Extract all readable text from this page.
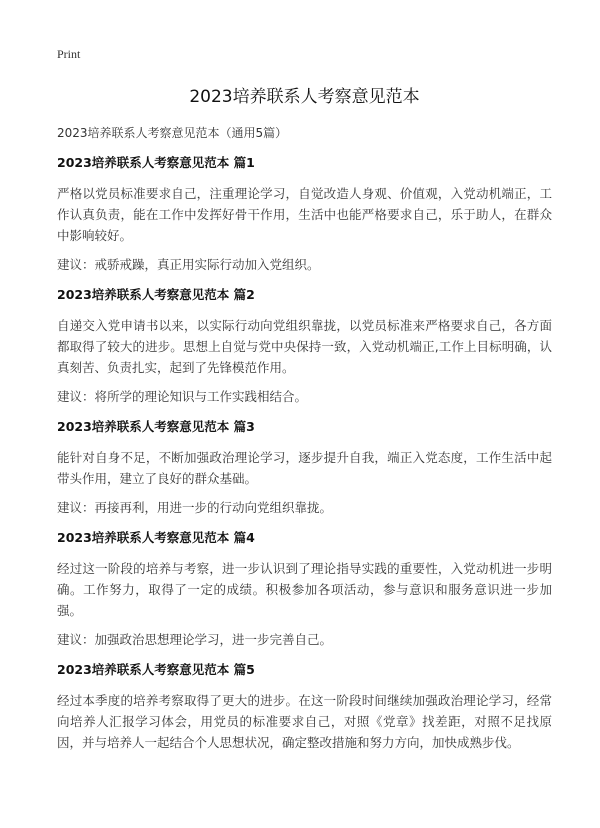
Print

2023培养联系人考察意见范本

2023培养联系人考察意见范本（通用5篇）

2023培养联系人考察意见范本 篇1

严格以党员标准要求自己，注重理论学习，自觉改造人身观、价值观，入党动机端正，工作认真负责，能在工作中发挥好骨干作用，生活中也能严格要求自己，乐于助人，在群众中影响较好。

建议：戒骄戒躁，真正用实际行动加入党组织。

2023培养联系人考察意见范本 篇2

自递交入党申请书以来，以实际行动向党组织靠拢，以党员标准来严格要求自己，各方面都取得了较大的进步。思想上自觉与党中央保持一致，入党动机端正,工作上目标明确，认真刻苦、负责扎实，起到了先锋模范作用。

建议：将所学的理论知识与工作实践相结合。

2023培养联系人考察意见范本 篇3

能针对自身不足，不断加强政治理论学习，逐步提升自我，端正入党态度，工作生活中起带头作用，建立了良好的群众基础。

建议：再接再利，用进一步的行动向党组织靠拢。

2023培养联系人考察意见范本 篇4

经过这一阶段的培养与考察，进一步认识到了理论指导实践的重要性，入党动机进一步明确。工作努力，取得了一定的成绩。积极参加各项活动，参与意识和服务意识进一步加强。

建议：加强政治思想理论学习，进一步完善自己。

2023培养联系人考察意见范本 篇5

经过本季度的培养考察取得了更大的进步。在这一阶段时间继续加强政治理论学习，经常向培养人汇报学习体会，用党员的标准要求自己，对照《党章》找差距，对照不足找原因，并与培养人一起结合个人思想状况，确定整改措施和努力方向，加快成熟步伐。
